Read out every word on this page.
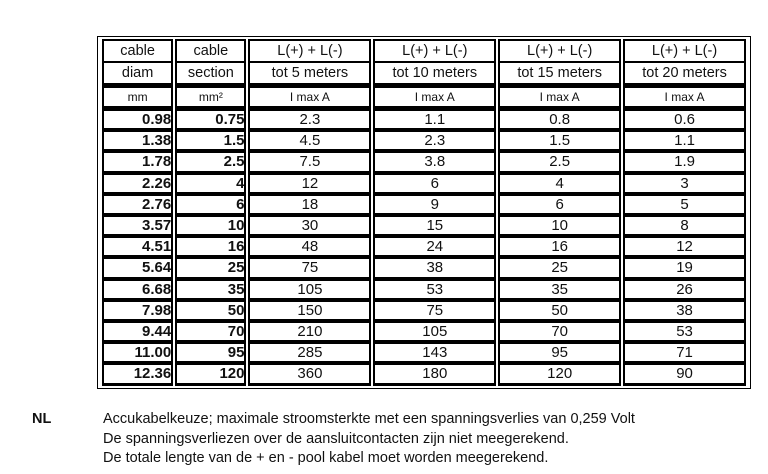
cable	cable	L(+) + L(-)	L(+) + L(-)	L(+) + L(-)	L(+) + L(-)
diam	section	tot 5 meters	tot 10 meters	tot 15 meters	tot 20 meters
mm	mm²	I max A	I max A	I max A	I max A
0.98	0.75	2.3	1.1	0.8	0.6
1.38	1.5	4.5	2.3	1.5	1.1
1.78	2.5	7.5	3.8	2.5	1.9
2.26	4	12	6	4	3
2.76	6	18	9	6	5
3.57	10	30	15	10	8
4.51	16	48	24	16	12
5.64	25	75	38	25	19
6.68	35	105	53	35	26
7.98	50	150	75	50	38
9.44	70	210	105	70	53
11.00	95	285	143	95	71
12.36	120	360	180	120	90
NL	Accukabelkeuze; maximale stroomsterkte met een spanningsverlies van 0,259 Volt
De spanningsverliezen over de aansluitcontacten zijn niet meegerekend.
De totale lengte van de + en - pool kabel moet worden meegerekend.
